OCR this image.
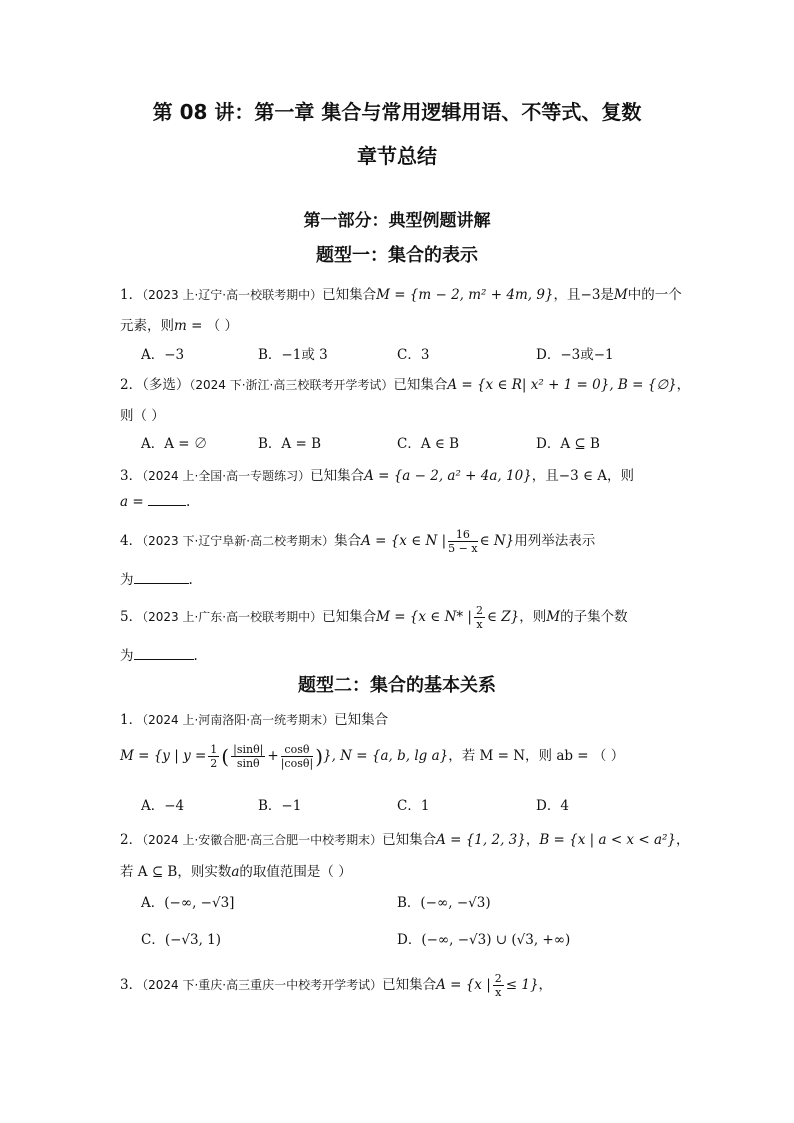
第 08 讲：第一章 集合与常用逻辑用语、不等式、复数
章节总结
第一部分：典型例题讲解
题型一：集合的表示
1．（2023 上·辽宁·高一校联考期中）已知集合M = {m − 2, m² + 4m, 9}，且−3是M中的一个
元素，则m = （ ）
A．−3	B．−1或 3	C．3	D．−3或−1
2．（多选）（2024 下·浙江·高三校联考开学考试）已知集合A = {x ∈ R| x² + 1 = 0}, B = {∅}，
则（ ）
A．A = ∅	B．A = B	C．A ∈ B	D．A ⊆ B
3．（2024 上·全国·高一专题练习）已知集合A = {a − 2, a² + 4a, 10}，且−3 ∈ A，则
a =	.
4．（2023 下·辽宁阜新·高二校考期末）集合A = {x ∈ N | $\frac{16}{5 - x}$ ∈ N}用列举法表示
为	.
5．（2023 上·广东·高一校联考期中）已知集合M = {x ∈ N* | $\frac{2}{x}$ ∈ Z}，则M的子集个数
为	.
题型二：集合的基本关系
1．（2024 上·河南洛阳·高一统考期末）已知集合
M = {y | $y = \frac{1}{2}$ ( $\frac{|\sin\theta|}{\sin\theta} + \frac{\cos\theta}{|\cos\theta|}$ )}, N = {a, b, lg a}，若 M = N，则 ab = （ ）
A．−4	B．−1	C．1	D．4
2．（2024 上·安徽合肥·高三合肥一中校考期末）已知集合A = {1, 2, 3}，B = {x | a < x < a²}，
若 A ⊆ B，则实数a的取值范围是（ ）
A．(−∞, −√3]	B．(−∞, −√3)
C．(−√3, 1)	D．(−∞, −√3) ∪ (√3, +∞)
3．（2024 下·重庆·高三重庆一中校考开学考试）已知集合A = {x | $\frac{2}{x} \le 1$}，
